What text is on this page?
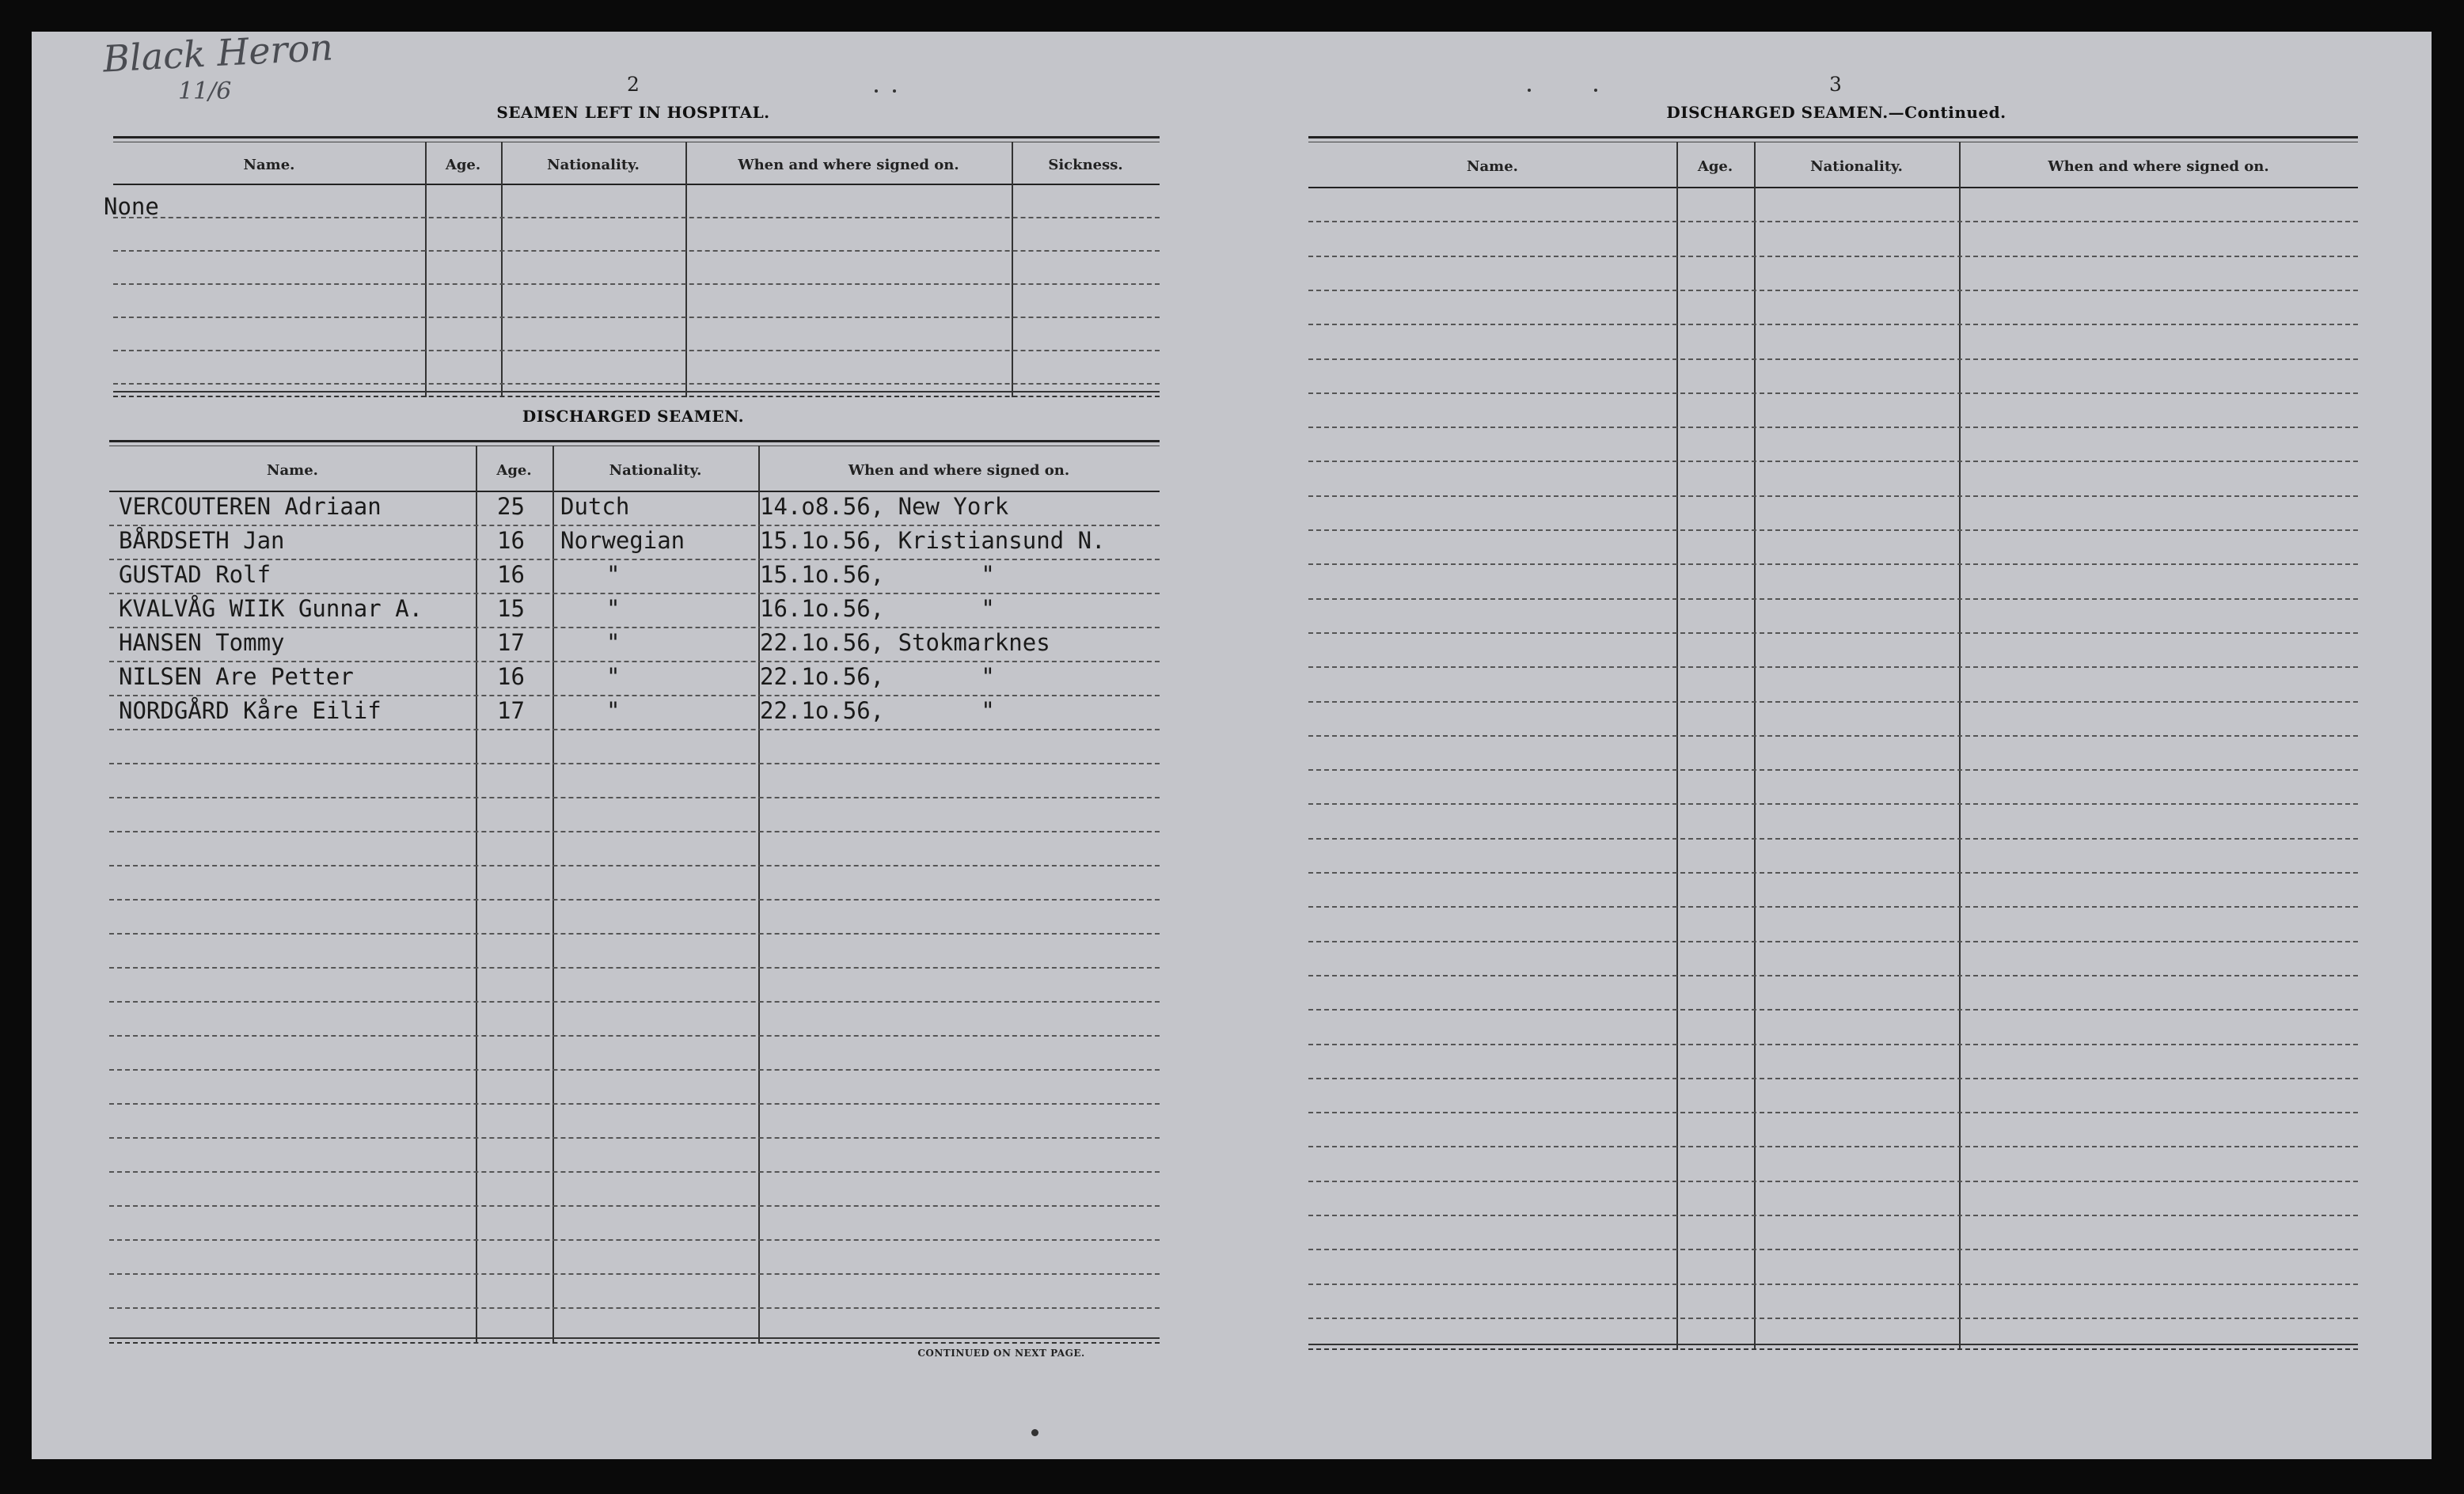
Black Heron
11/6	2
SEAMEN LEFT IN HOSPITAL.
Name.	Age.	Nationality.	When and where signed on.	Sickness.
None
DISCHARGED SEAMEN.
Name.	Age.	Nationality.	When and where signed on.
VERCOUTEREN Adriaan	25 Dutch	14.o8.56, New York
BÅRDSETH Jan	16 Norwegian	15.1o.56, Kristiansund N.
GUSTAD Rolf	16	"	15.1o.56,       "
KVALVÅG WIIK Gunnar A.	15	"	16.1o.56,       "
HANSEN Tommy	17	"	22.1o.56, Stokmarknes
NILSEN Are Petter	16	"	22.1o.56,       "
NORDGÅRD Kåre Eilif	17	"	22.1o.56,       "
CONTINUED ON NEXT PAGE.
3
DISCHARGED SEAMEN.—Continued.
Name.	Age.	Nationality.	When and where signed on.
